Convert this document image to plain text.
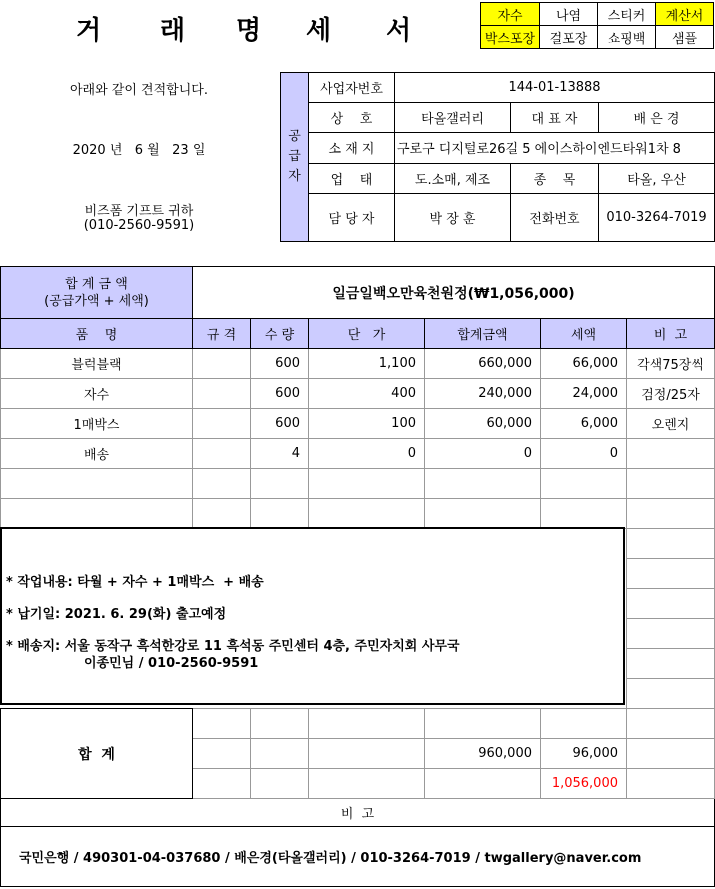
거 래 명 세 서	자수	나염	스티커	계산서
박스포장	걸포장	쇼핑백	샘플
아래와 같이 견적합니다.
2020 년   6 월   23 일
비즈폼 기프트 귀하
(010-2560-9591)
공
급
자	사업자번호	144-01-13888		
	상    호	타올갤러리	대 표 자	배 은 경
	소 재 지	구로구 디지털로26길 5 에이스하이엔드타워1차 8		
	업    태	도.소매, 제조	종    목	타올, 우산
	담 당 자	박 장 훈	전화번호	010-3264-7019
합 계 금 액
(공급가액 + 세액)	일금일백오만육천원정(₩1,056,000)					
품    명	규 격	수 량	단   가	합계금액	세액	비  고
블럭블랙		600	1,100	660,000	66,000	각색75장씩
자수		600	400	240,000	24,000	검정/25자
1매박스		600	100	60,000	6,000	오렌지
배송		4	0	0	0	

합  계						
				960,000	96,000	
					1,056,000	
비  고						
국민은행 / 490301-04-037680 / 배은경(타올갤러리) / 010-3264-7019 / twgallery@naver.com						
* 작업내용: 타월 + 자수 + 1매박스  + 배송
* 납기일: 2021. 6. 29(화) 출고예정
* 배송지: 서울 동작구 흑석한강로 11 흑석동 주민센터 4층, 주민자치회 사무국
이종민님 / 010-2560-9591
